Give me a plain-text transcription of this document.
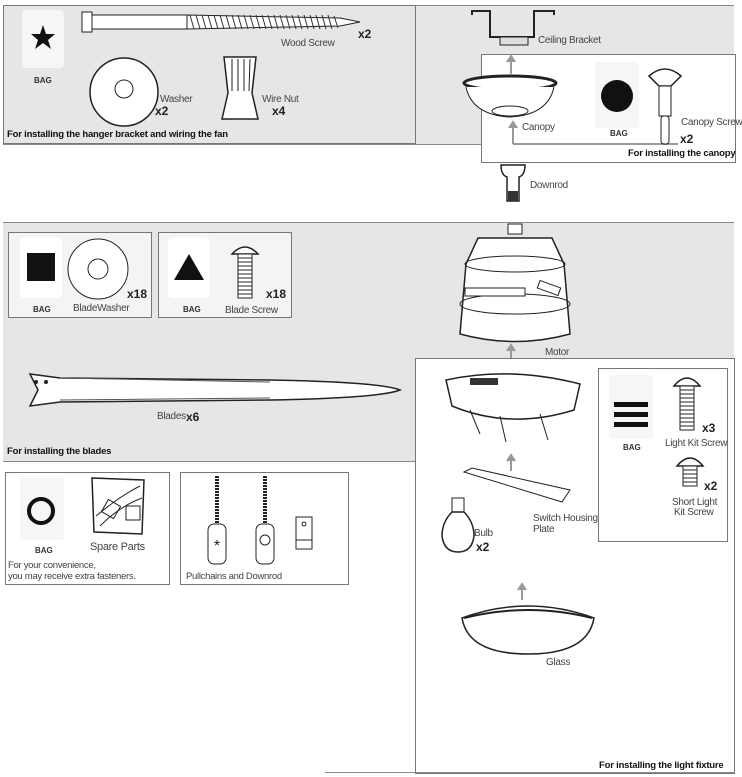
BAG
x2
Wood Screw
Washer
x2
Wire Nut
x4
For installing the hanger bracket and wiring the fan
Ceiling Bracket
Canopy
BAG
Canopy Screw
x2
For installing the canopy
Downrod
BAG
x18
BladeWasher	BAG
x18
Blade Screw
Blades x6
For installing the blades
Motor
BAG
x3
Light Kit Screw
x2
Short Light
Kit Screw
Switch Housing
Plate
Bulb
x2
Glass
For installing the light fixture
BAG	Spare Parts
For your convenience,
you may receive extra fasteners.
*
Pullchains and Downrod
